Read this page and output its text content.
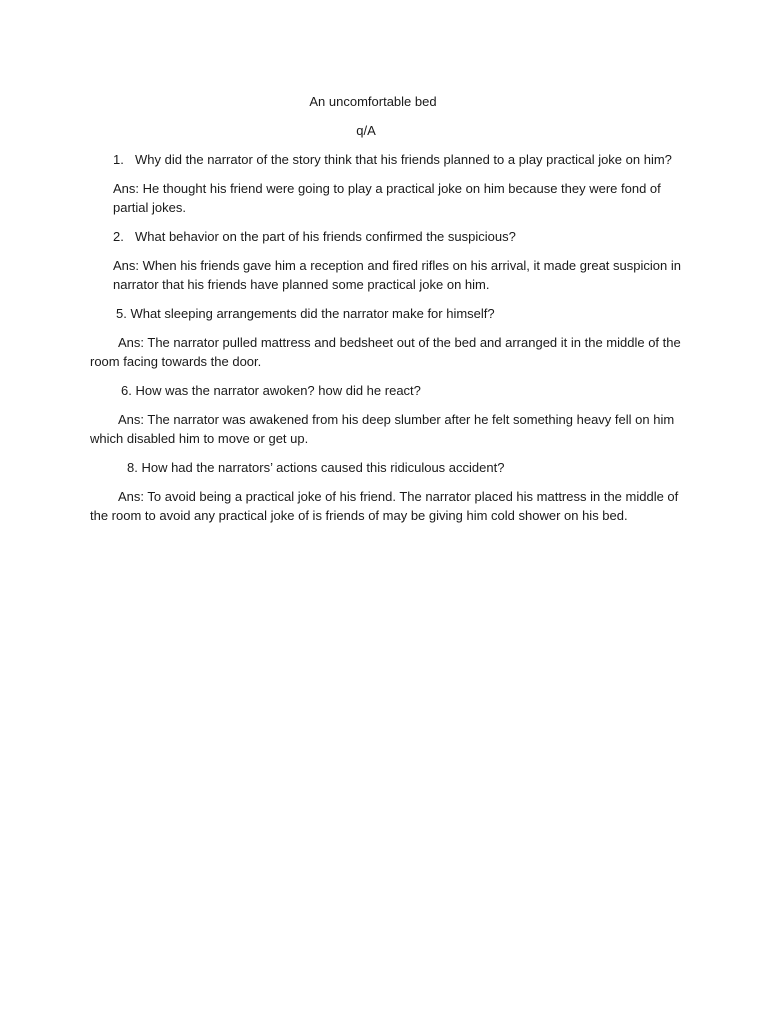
An uncomfortable bed
q/A
1. Why did the narrator of the story think that his friends planned to a play practical joke on him?
Ans: He thought his friend were going to play a practical joke on him because they were fond of
partial jokes.
2. What behavior on the part of his friends confirmed the suspicious?
Ans: When his friends gave him a reception and fired rifles on his arrival, it made great suspicion in
narrator that his friends have planned some practical joke on him.
5. What sleeping arrangements did the narrator make for himself?
Ans: The narrator pulled mattress and bedsheet out of the bed and arranged it in the middle of the
room facing towards the door.
6. How was the narrator awoken? how did he react?
Ans: The narrator was awakened from his deep slumber after he felt something heavy fell on him
which disabled him to move or get up.
8. How had the narrators’ actions caused this ridiculous accident?
Ans: To avoid being a practical joke of his friend. The narrator placed his mattress in the middle of
the room to avoid any practical joke of is friends of may be giving him cold shower on his bed.
